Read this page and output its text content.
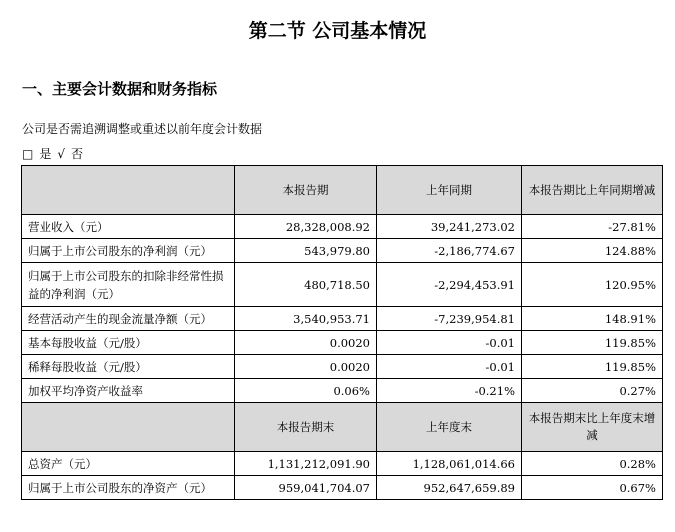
第二节 公司基本情况
一、主要会计数据和财务指标
公司是否需追溯调整或重述以前年度会计数据
□ 是 √ 否
	本报告期	上年同期	本报告期比上年同期增减
营业收入（元）	28,328,008.92	39,241,273.02	-27.81%
归属于上市公司股东的净利润（元）	543,979.80	-2,186,774.67	124.88%
归属于上市公司股东的扣除非经常性损益的净利润（元）	480,718.50	-2,294,453.91	120.95%
经营活动产生的现金流量净额（元）	3,540,953.71	-7,239,954.81	148.91%
基本每股收益（元/股）	0.0020	-0.01	119.85%
稀释每股收益（元/股）	0.0020	-0.01	119.85%
加权平均净资产收益率	0.06%	-0.21%	0.27%
	本报告期末	上年度末	本报告期末比上年度末增减
总资产（元）	1,131,212,091.90	1,128,061,014.66	0.28%
归属于上市公司股东的净资产（元）	959,041,704.07	952,647,659.89	0.67%
